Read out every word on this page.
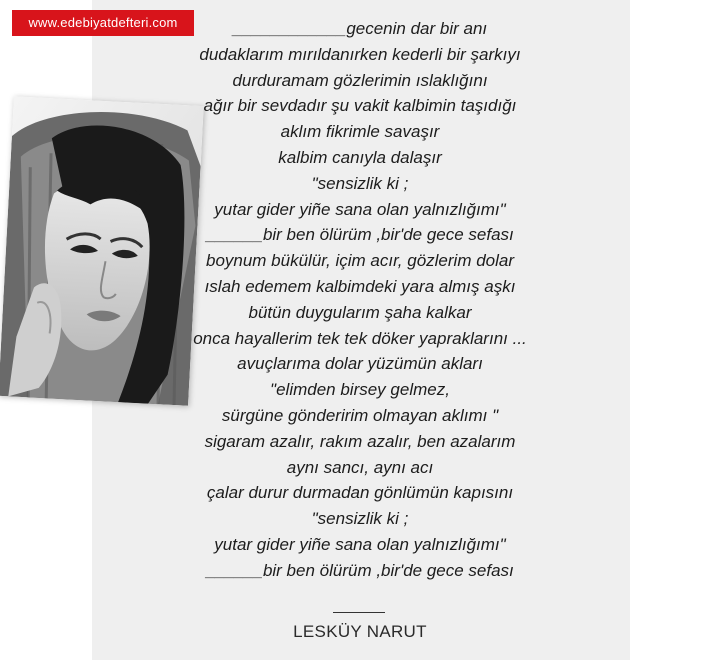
www.edebiyatdefteri.com	____________gecenin dar bir anı
dudaklarım mırıldanırken kederli bir şarkıyı
durduramam gözlerimin ıslaklığını
ağır bir sevdadır şu vakit kalbimin taşıdığı
aklım fikrimle savaşır
kalbim canıyla dalaşır
"sensizlik ki ;
yutar gider yiñe sana olan yalnızlığımı"
______bir ben ölürüm ,bir'de gece sefası
boynum bükülür, içim acır, gözlerim dolar
ıslah edemem kalbimdeki yara almış aşkı
bütün duygularım şaha kalkar
onca hayallerim tek tek döker yapraklarını ...
avuçlarıma dolar yüzümün akları
"elimden birsey gelmez,
sürgüne gönderirim olmayan aklımı "
sigaram azalır, rakım azalır, ben azalarım
aynı sancı, aynı acı
çalar durur durmadan gönlümün kapısını
"sensizlik ki ;
yutar gider yiñe sana olan yalnızlığımı"
______bir ben ölürüm ,bir'de gece sefası
LESKÜY NARUT
